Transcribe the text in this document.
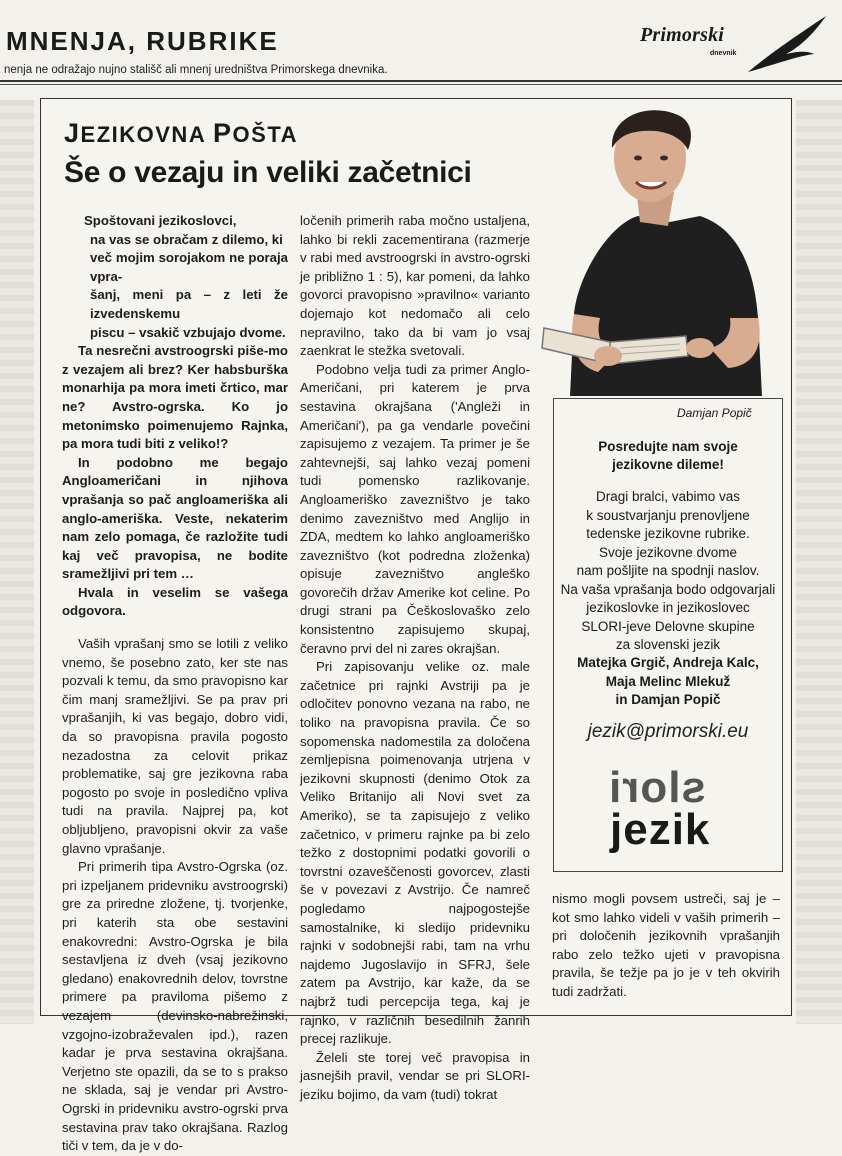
MNENJA, RUBRIKE
nenja ne odražajo nujno stališč ali mnenj uredništva Primorskega dnevnika.
Primorski
dnevnik
JEZIKOVNA POŠTA
Še o vezaju in veliki začetnici
Spoštovani jezikoslovci,
na vas se obračam z dilemo, ki
več mojim sorojakom ne poraja vpra-
šanj, meni pa – z leti že izvedenskemu
piscu – vsakič vzbujajo dvome.

Ta nesrečni avstroogrski piše-mo z vezajem ali brez? Ker habsburška monarhija pa mora imeti črtico, mar ne? Avstro-ogrska. Ko jo metonimsko poimenujemo Rajnka, pa mora tudi biti z veliko!?

In podobno me begajo Angloameričani in njihova vprašanja so pač angloameriška ali anglo-ameriška. Veste, nekaterim nam zelo pomaga, če razložite tudi kaj več pravopisa, ne bodite sramežljivi pri tem …

Hvala in veselim se vašega odgovora.

Vaših vprašanj smo se lotili z veliko vnemo, še posebno zato, ker ste nas pozvali k temu, da smo pravopisno kar čim manj sramežljivi. Se pa prav pri vprašanjih, ki vas begajo, dobro vidi, da so pravopisna pravila pogosto nezadostna za celovit prikaz problematike, saj gre jezikovna raba pogosto po svoje in posledično vpliva tudi na pravila. Najprej pa, kot obljubljeno, pravopisni okvir za vaše glavno vprašanje.

Pri primerih tipa Avstro-Ogrska (oz. pri izpeljanem pridevniku avstroogrski) gre za priredne zložene, tj. tvorjenke, pri katerih sta obe sestavini enakovredni: Avstro-Ogrska je bila sestavljena iz dveh (vsaj jezikovno gledano) enakovrednih delov, tovrstne primere pa praviloma pišemo z vezajem (devinsko-nabrežinski, vzgojno-izobraževalen ipd.), razen kadar je prva sestavina okrajšana. Verjetno ste opazili, da se to s prakso ne sklada, saj je vendar pri Avstro-Ogrski in pridevniku avstro-ogrski prva sestavina prav tako okrajšana. Razlog tiči v tem, da je v do-

ločenih primerih raba močno ustaljena, lahko bi rekli zacementirana (razmerje v rabi med avstroogrski in avstro-ogrski je približno 1 : 5), kar pomeni, da lahko govorci pravopisno »pravilno« varianto dojemajo kot nedomačo ali celo nepravilno, tako da bi vam jo vsaj zaenkrat le stežka svetovali.

Podobno velja tudi za primer Anglo-Američani, pri katerem je prva sestavina okrajšana ('Angleži in Američani'), pa ga vendarle povečini zapisujemo z vezajem. Ta primer je še zahtevnejši, saj lahko vezaj pomeni tudi pomensko razlikovanje. Angloameriško zavezništvo je tako denimo zavezništvo med Anglijo in ZDA, medtem ko lahko angloameriško zavezništvo (kot podredna zloženka) opisuje zavezništvo angleško govorečih držav Amerike kot celine. Po drugi strani pa Češkoslovaško zelo konsistentno zapisujemo skupaj, čeravno prvi del ni zares okrajšan.

Pri zapisovanju velike oz. male začetnice pri rajnki Avstriji pa je odločitev ponovno vezana na rabo, ne toliko na pravopisna pravila. Če so sopomenska nadomestila za določena zemljepisna poimenovanja utrjena v jezikovni skupnosti (denimo Otok za Veliko Britanijo ali Novi svet za Ameriko), se ta zapisujejo z veliko začetnico, v primeru rajnke pa bi zelo težko z dostopnimi podatki govorili o tovrstni ozaveščenosti govorcev, zlasti še v povezavi z Avstrijo. Če namreč pogledamo najpogostejše samostalnike, ki sledijo pridevniku rajnki v sodobnejši rabi, tam na vrhu najdemo Jugoslavijo in SFRJ, šele zatem pa Avstrijo, kar kaže, da se najbrž tudi percepcija tega, kaj je rajnko, v različnih besedilnih žanrih precej razlikuje.

Želeli ste torej več pravopisa in jasnejših pravil, vendar se pri SLORI-jeziku bojimo, da vam (tudi) tokrat

nismo mogli povsem ustreči, saj je – kot smo lahko videli v vaših primerih – pri določenih jezikovnih vprašanjih rabo zelo težko ujeti v pravopisna pravila, še težje pa jo je v teh okvirih tudi zadržati.

Damjan Popič
Posredujte nam svoje
jezikovne dileme!
Dragi bralci, vabimo vas
k soustvarjanju prenovljene
tedenske jezikovne rubrike.
Svoje jezikovne dvome
nam pošljite na spodnji naslov.
Na vaša vprašanja bodo odgovarjali
jezikoslovke in jezikoslovec
SLORI-jeve Delovne skupine
za slovenski jezik
Matejka Grgič, Andreja Kalc,
Maja Melinc Mlekuž
in Damjan Popič
jezik@primorski.eu
slori
jezik
